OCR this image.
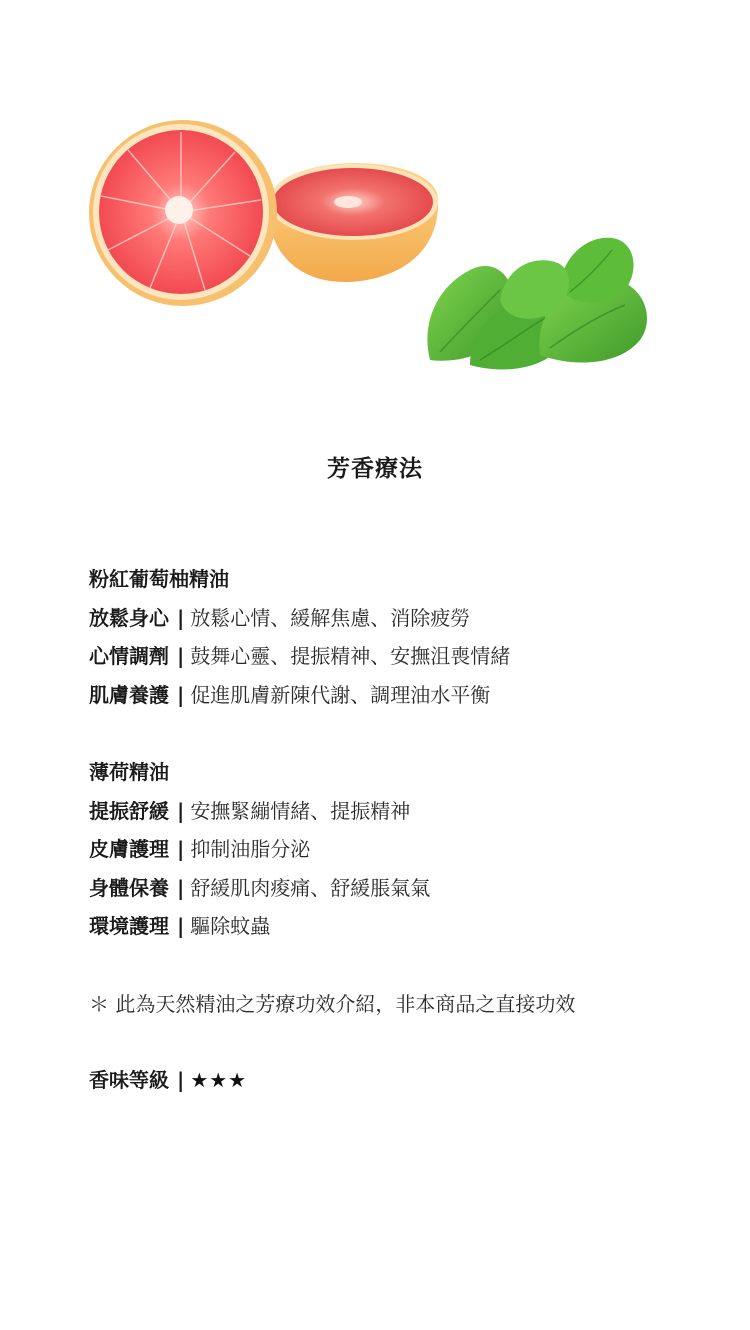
芳香療法
粉紅葡萄柚精油
放鬆身心 | 放鬆心情、緩解焦慮、消除疲勞
心情調劑 | 鼓舞心靈、提振精神、安撫沮喪情緒
肌膚養護 | 促進肌膚新陳代謝、調理油水平衡
薄荷精油
提振舒緩 | 安撫緊繃情緒、提振精神
皮膚護理 | 抑制油脂分泌
身體保養 | 舒緩肌肉痠痛、舒緩脹氣氣
環境護理 | 驅除蚊蟲
＊ 此為天然精油之芳療功效介紹，非本商品之直接功效
香味等級 | ★★★
